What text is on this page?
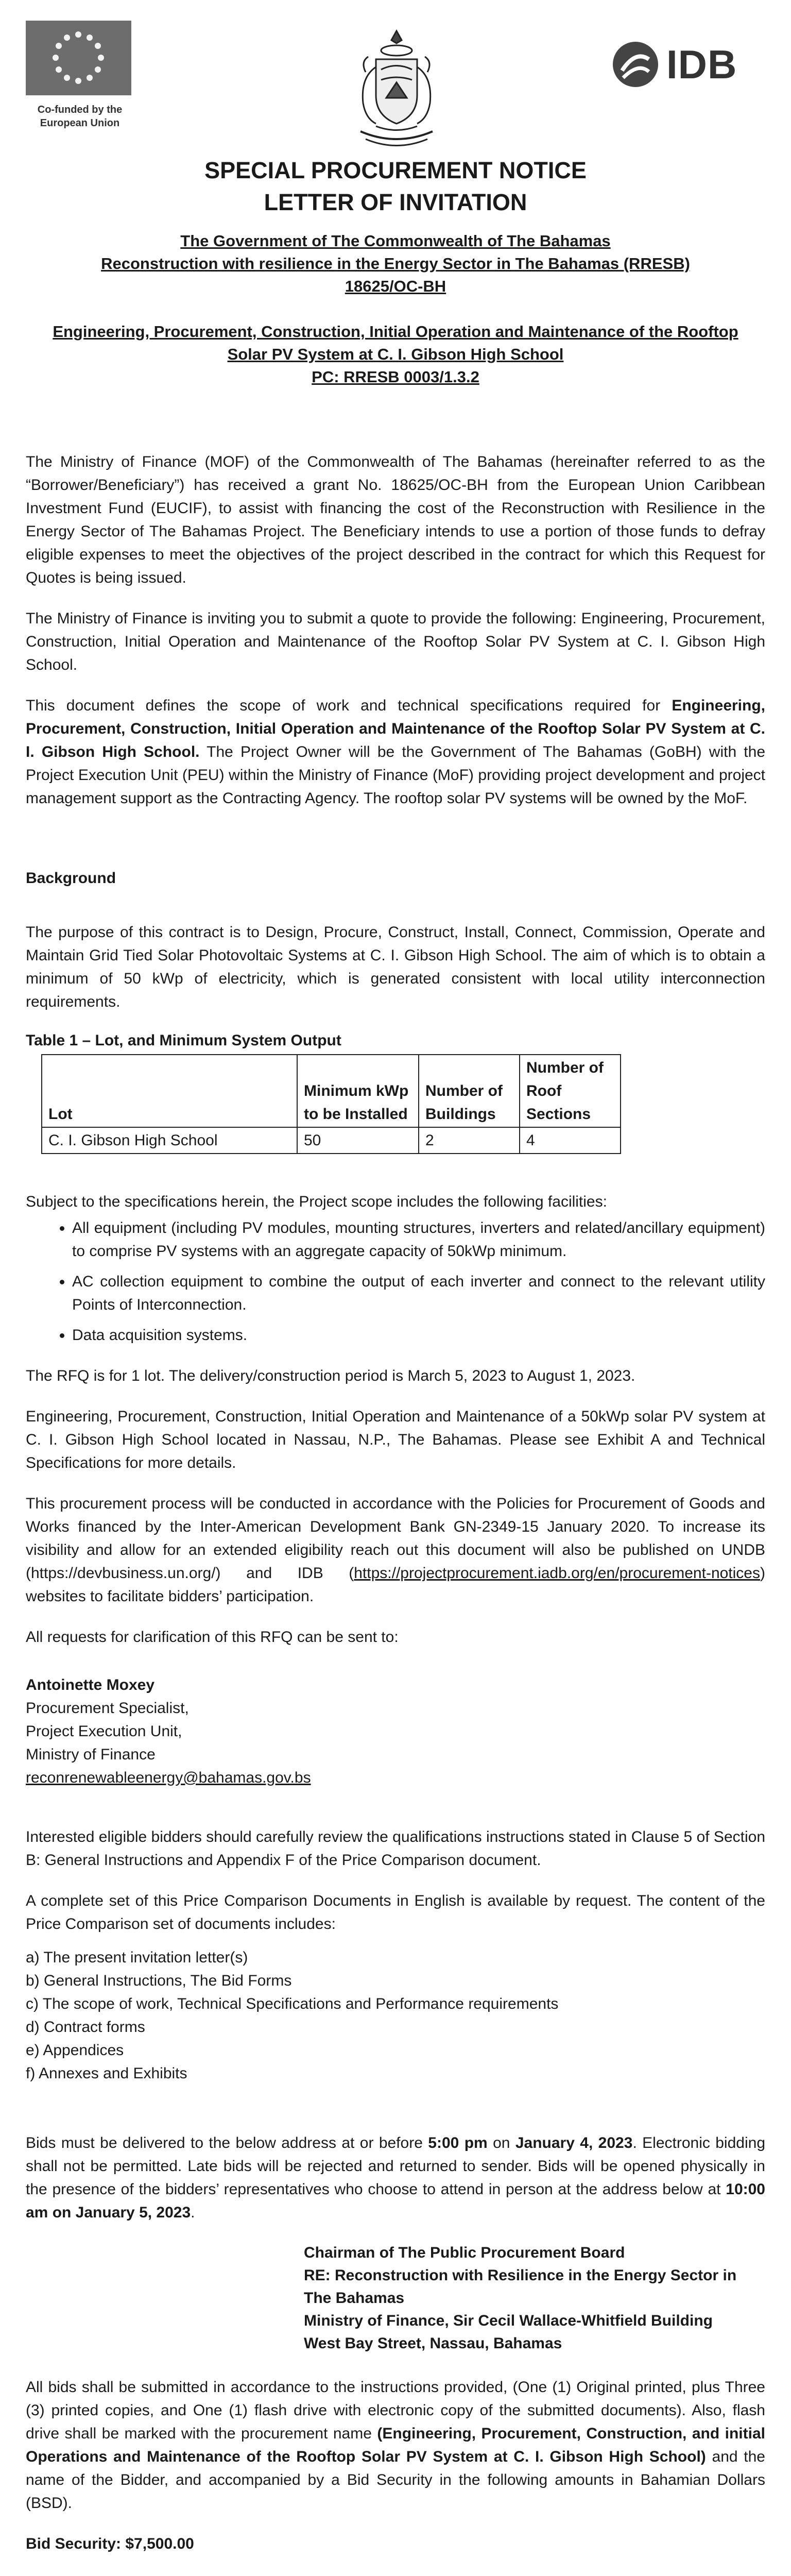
Co-funded by the
European Union
IDB
SPECIAL PROCUREMENT NOTICE
LETTER OF INVITATION
The Government of The Commonwealth of The Bahamas
Reconstruction with resilience in the Energy Sector in The Bahamas (RRESB)
18625/OC-BH
Engineering, Procurement, Construction, Initial Operation and Maintenance of the Rooftop
Solar PV System at C. I. Gibson High School
PC: RRESB 0003/1.3.2

The Ministry of Finance (MOF) of the Commonwealth of The Bahamas (hereinafter referred to as the “Borrower/Beneficiary”) has received a grant No. 18625/OC-BH from the European Union Caribbean Investment Fund (EUCIF), to assist with financing the cost of the Reconstruction with Resilience in the Energy Sector of The Bahamas Project. The Beneficiary intends to use a portion of those funds to defray eligible expenses to meet the objectives of the project described in the contract for which this Request for Quotes is being issued.

The Ministry of Finance is inviting you to submit a quote to provide the following: Engineering, Procurement, Construction, Initial Operation and Maintenance of the Rooftop Solar PV System at C. I. Gibson High School.

This document defines the scope of work and technical specifications required for Engineering, Procurement, Construction, Initial Operation and Maintenance of the Rooftop Solar PV System at C. I. Gibson High School. The Project Owner will be the Government of The Bahamas (GoBH) with the Project Execution Unit (PEU) within the Ministry of Finance (MoF) providing project development and project management support as the Contracting Agency. The rooftop solar PV systems will be owned by the MoF.

Background

The purpose of this contract is to Design, Procure, Construct, Install, Connect, Commission, Operate and Maintain Grid Tied Solar Photovoltaic Systems at C. I. Gibson High School. The aim of which is to obtain a minimum of 50 kWp of electricity, which is generated consistent with local utility interconnection requirements.

Table 1 – Lot, and Minimum System Output
Lot	Minimum kWp to be Installed	Number of Buildings	Number of Roof Sections
C. I. Gibson High School	50	2	4

Subject to the specifications herein, the Project scope includes the following facilities:

• All equipment (including PV modules, mounting structures, inverters and related/ancillary equipment) to comprise PV systems with an aggregate capacity of 50kWp minimum.
• AC collection equipment to combine the output of each inverter and connect to the relevant utility Points of Interconnection.
• Data acquisition systems.

The RFQ is for 1 lot. The delivery/construction period is March 5, 2023 to August 1, 2023.

Engineering, Procurement, Construction, Initial Operation and Maintenance of a 50kWp solar PV system at C. I. Gibson High School located in Nassau, N.P., The Bahamas. Please see Exhibit A and Technical Specifications for more details.

This procurement process will be conducted in accordance with the Policies for Procurement of Goods and Works financed by the Inter-American Development Bank GN-2349-15 January 2020. To increase its visibility and allow for an extended eligibility reach out this document will also be published on UNDB (https://devbusiness.un.org/) and IDB (https://projectprocurement.iadb.org/en/procurement-notices) websites to facilitate bidders’ participation.

All requests for clarification of this RFQ can be sent to:

Antoinette Moxey
Procurement Specialist,
Project Execution Unit,
Ministry of Finance
reconrenewableenergy@bahamas.gov.bs

Interested eligible bidders should carefully review the qualifications instructions stated in Clause 5 of Section B: General Instructions and Appendix F of the Price Comparison document.

A complete set of this Price Comparison Documents in English is available by request. The content of the Price Comparison set of documents includes:

a) The present invitation letter(s)
b) General Instructions, The Bid Forms
c) The scope of work, Technical Specifications and Performance requirements
d) Contract forms
e) Appendices
f) Annexes and Exhibits

Bids must be delivered to the below address at or before 5:00 pm on January 4, 2023. Electronic bidding shall not be permitted. Late bids will be rejected and returned to sender. Bids will be opened physically in the presence of the bidders’ representatives who choose to attend in person at the address below at 10:00 am on January 5, 2023.

Chairman of The Public Procurement Board
RE: Reconstruction with Resilience in the Energy Sector in
The Bahamas
Ministry of Finance, Sir Cecil Wallace-Whitfield Building
West Bay Street, Nassau, Bahamas

All bids shall be submitted in accordance to the instructions provided, (One (1) Original printed, plus Three (3) printed copies, and One (1) flash drive with electronic copy of the submitted documents). Also, flash drive shall be marked with the procurement name (Engineering, Procurement, Construction, and initial Operations and Maintenance of the Rooftop Solar PV System at C. I. Gibson High School) and the name of the Bidder, and accompanied by a Bid Security in the following amounts in Bahamian Dollars (BSD).

Bid Security: $7,500.00
